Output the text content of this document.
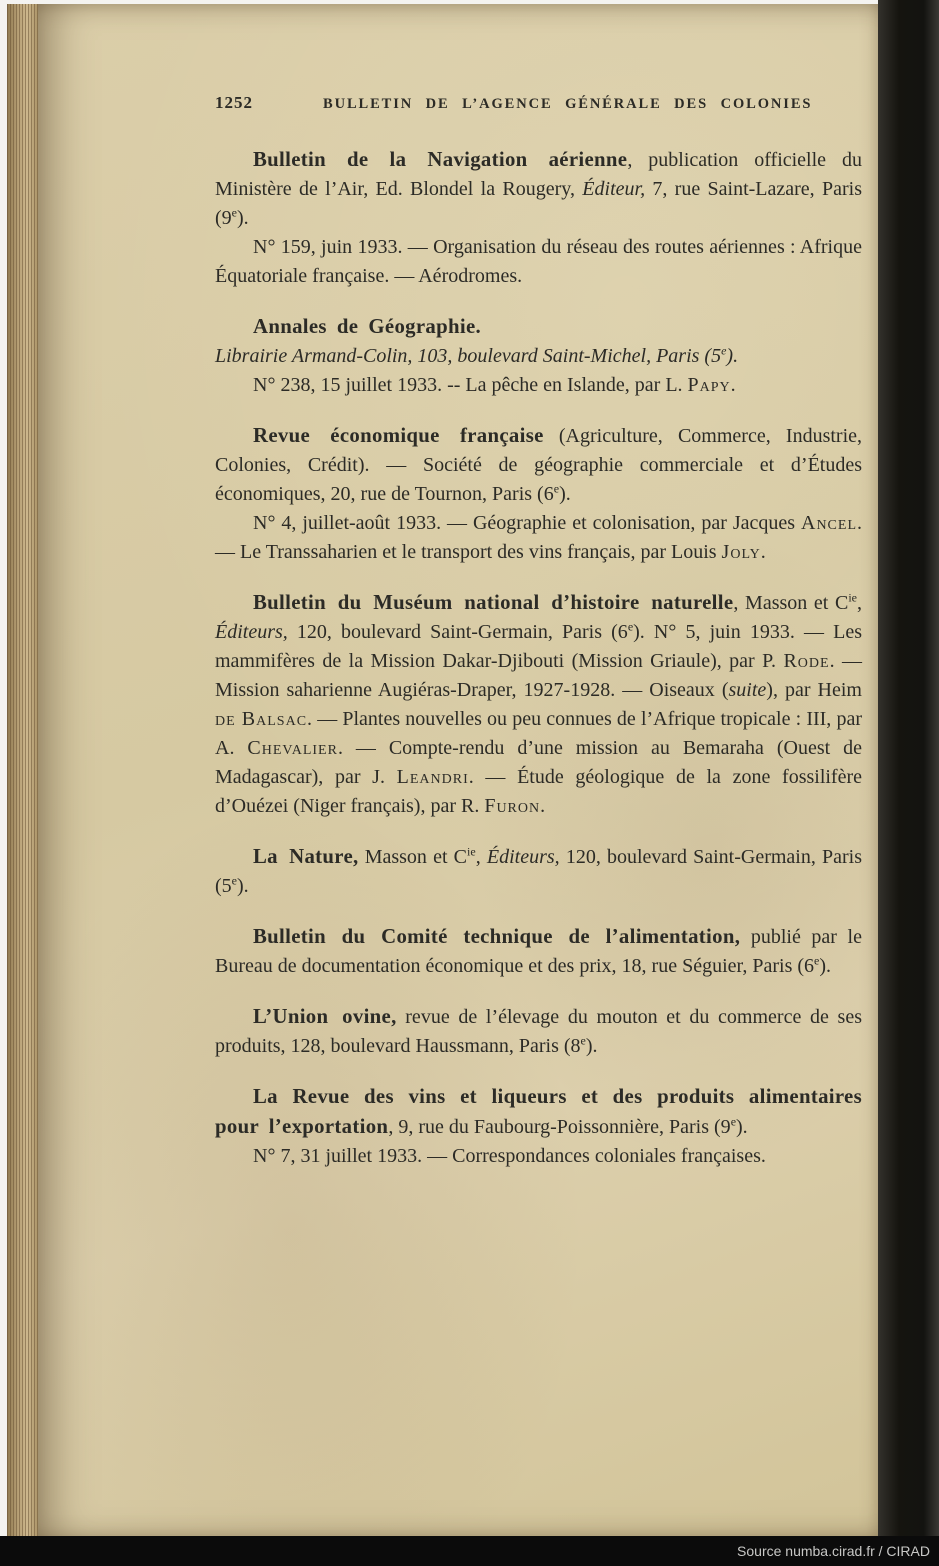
1252	BULLETIN DE L’AGENCE GÉNÉRALE DES COLONIES

Bulletin de la Navigation aérienne, publication officielle du Ministère de l’Air, Ed. Blondel la Rougery, Éditeur, 7, rue Saint-Lazare, Paris (9e).

N° 159, juin 1933. — Organisation du réseau des routes aériennes : Afrique Équatoriale française. — Aérodromes.

Annales de Géographie.

Librairie Armand-Colin, 103, boulevard Saint-Michel, Paris (5e).

N° 238, 15 juillet 1933. -- La pêche en Islande, par L. Papy.

Revue économique française (Agriculture, Commerce, Industrie, Colonies, Crédit). — Société de géographie commerciale et d’Études économiques, 20, rue de Tournon, Paris (6e).

N° 4, juillet-août 1933. — Géographie et colonisation, par Jacques Ancel. — Le Transsaharien et le transport des vins français, par Louis Joly.

Bulletin du Muséum national d’histoire naturelle, Masson et $C^{ie}$, Éditeurs, 120, boulevard Saint-Germain, Paris (6e). N° 5, juin 1933. — Les mammifères de la Mission Dakar-Djibouti (Mission Griaule), par P. Rode. — Mission saharienne Augiéras-Draper, 1927-1928. — Oiseaux (suite), par Heim de Balsac. — Plantes nouvelles ou peu connues de l’Afrique tropicale : III, par A. Chevalier. — Compte-rendu d’une mission au Bemaraha (Ouest de Madagascar), par J. Leandri. — Étude géologique de la zone fossilifère d’Ouézei (Niger français), par R. Furon.

La Nature, Masson et $C^{ie}$, Éditeurs, 120, boulevard Saint-Germain, Paris (5e).

Bulletin du Comité technique de l’alimentation, publié par le Bureau de documentation économique et des prix, 18, rue Séguier, Paris (6e).

L’Union ovine, revue de l’élevage du mouton et du commerce de ses produits, 128, boulevard Haussmann, Paris (8e).

La Revue des vins et liqueurs et des produits alimentaires pour l’exportation, 9, rue du Faubourg-Poissonnière, Paris (9e).

N° 7, 31 juillet 1933. — Correspondances coloniales françaises.

Source numba.cirad.fr / CIRAD
